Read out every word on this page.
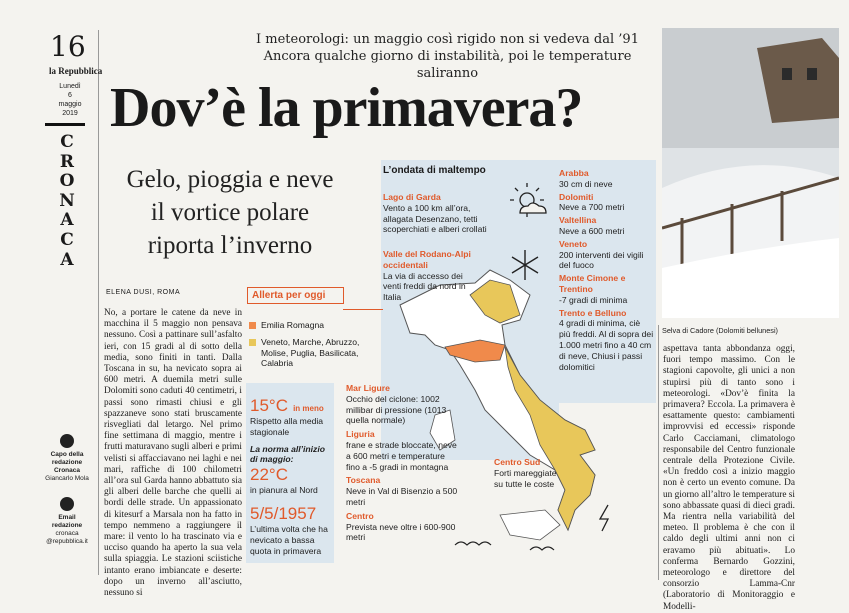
16
la Repubblica
Lunedì
6 maggio
2019
C
R
O
N
A
C
A
Capo della redazione Cronaca
Giancarlo Mola
Email redazione
cronaca
@repubblica.it
I meteorologi: un maggio così rigido non si vedeva dal ’91
Ancora qualche giorno di instabilità, poi le temperature saliranno
Dov’è la primavera?
Gelo, pioggia e neve
il vortice polare
riporta l’inverno
ELENA DUSI, ROMA
No, a portare le catene da neve in macchina il 5 maggio non pensava nessuno. Così a pattinare sull’asfalto ieri, con 15 gradi al di sotto della media, sono finiti in tanti. Dalla Toscana in su, ha nevicato sopra ai 600 metri. A duemila metri sulle Dolomiti sono caduti 40 centimetri, i passi sono rimasti chiusi e gli spazzaneve sono stati bruscamente risvegliati dal letargo. Nel primo fine settimana di maggio, mentre i frutti maturavano sugli alberi e primi velisti si affacciavano nei laghi e nei mari, raffiche di 100 chilometri all’ora sul Garda hanno abbattuto sia gli alberi delle barche che quelli ai bordi delle strade. Un appassionato di kitesurf a Marsala non ha fatto in tempo nemmeno a raggiungere il mare: il vento lo ha trascinato via e ucciso quando ha aperto la sua vela sulla spiaggia. Le stazioni sciistiche intanto erano imbiancate e deserte: dopo un inverno all’asciutto, nessuno si
L’ondata di maltempo
Lago di Garda
Vento a 100 km all’ora, allagata Desenzano, tetti scoperchiati e alberi crollati
Valle del Rodano-Alpi occidentali
La via di accesso dei venti freddi da nord in Italia
Arabba
30 cm di neve
Dolomiti
Neve a 700 metri
Valtellina
Neve a 600 metri
Veneto
200 interventi dei vigili del fuoco
Monte Cimone e Trentino
-7 gradi di minima
Trento e Belluno
4 gradi di minima, ciè più freddi. Al di sopra dei 1.000 metri fino a 40 cm di neve, Chiusi i passi dolomitici
Mar Ligure
Occhio del ciclone: 1002 millibar di pressione (1013 quella normale)
Liguria
frane e strade bloccate, neve a 600 metri e temperature fino a -5 gradi in montagna
Toscana
Neve in Val di Bisenzio a 500 metri
Centro
Prevista neve oltre i 600-900 metri
Centro Sud
Forti mareggiate su tutte le coste
Allerta per oggi
Emilia Romagna
Veneto, Marche, Abruzzo, Molise, Puglia, Basilicata, Calabria
15°C in meno
Rispetto alla media stagionale
La norma all’inizio di maggio:
22°C
in pianura al Nord
5/5/1957
L’ultima volta che ha nevicato a bassa quota in primavera
Selva di Cadore (Dolomiti bellunesi)
aspettava tanta abbondanza oggi, fuori tempo massimo. Con le stagioni capovolte, gli unici a non stupirsi più di tanto sono i meteorologi. «Dov’è finita la primavera? Eccola. La primavera è esattamente questo: cambiamenti improvvisi ed eccessi» risponde Carlo Cacciamani, climatologo responsabile del Centro funzionale centrale della Protezione Civile. «Un freddo così a inizio maggio non è certo un evento comune. Da un giorno all’altro le temperature si sono abbassate quasi di dieci gradi. Ma rientra nella variabilità del meteo. Il problema è che con il caldo degli ultimi anni non ci eravamo più abituati». Lo conferma Bernardo Gozzini, meteorologo e direttore del consorzio Lamma-Cnr (Laboratorio di Monitoraggio e Modelli-
